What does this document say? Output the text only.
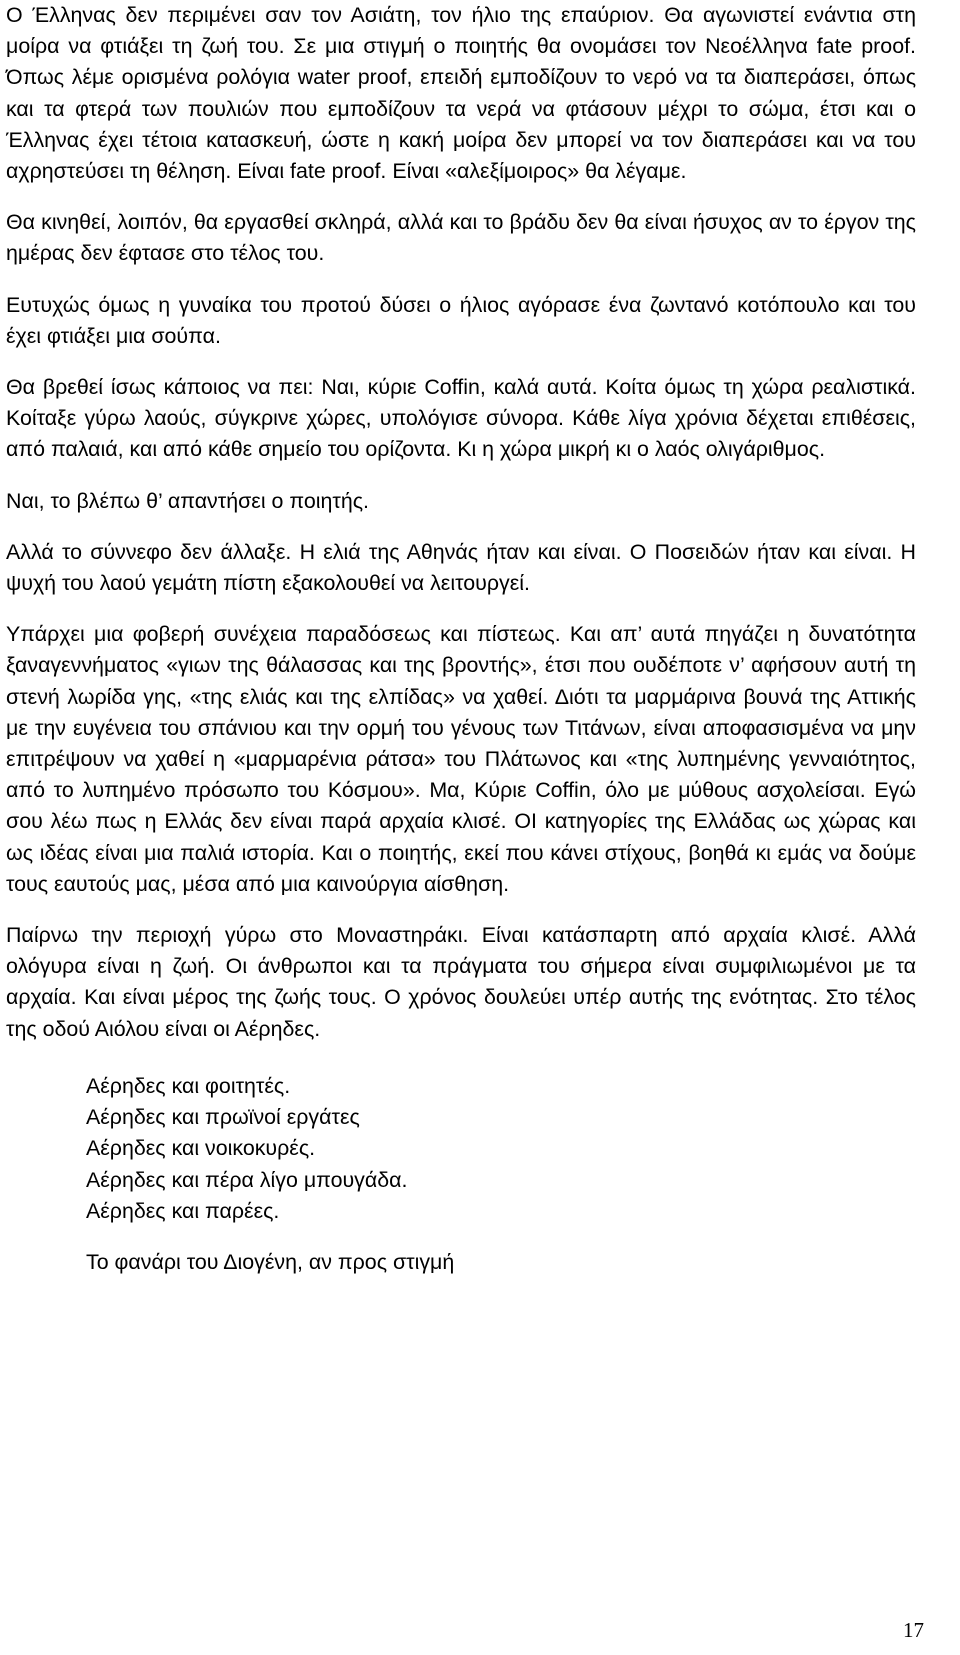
Ο Έλληνας δεν περιμένει σαν τον Ασιάτη, τον ήλιο της επαύριον. Θα αγωνιστεί ενάντια στη μοίρα να φτιάξει τη ζωή του. Σε μια στιγμή ο ποιητής θα ονομάσει τον Νεοέλληνα fate proof. Όπως λέμε ορισμένα ρολόγια water proof, επειδή εμποδίζουν το νερό να τα διαπεράσει, όπως και τα φτερά των πουλιών που εμποδίζουν τα νερά να φτάσουν μέχρι το σώμα, έτσι και ο Έλληνας έχει τέτοια κατασκευή, ώστε η κακή μοίρα δεν μπορεί να τον διαπεράσει και να του αχρηστεύσει τη θέληση. Είναι fate proof. Είναι «αλεξίμοιρος» θα λέγαμε.

Θα κινηθεί, λοιπόν, θα εργασθεί σκληρά, αλλά και το βράδυ δεν θα είναι ήσυχος αν το έργον της ημέρας δεν έφτασε στο τέλος του.

Ευτυχώς όμως η γυναίκα του προτού δύσει ο ήλιος αγόρασε ένα ζωντανό κοτόπουλο και του έχει φτιάξει μια σούπα.

Θα βρεθεί ίσως κάποιος να πει: Ναι, κύριε Coffin, καλά αυτά. Κοίτα όμως τη χώρα ρεαλιστικά. Κοίταξε γύρω λαούς, σύγκρινε χώρες, υπολόγισε σύνορα. Κάθε λίγα χρόνια δέχεται επιθέσεις, από παλαιά, και από κάθε σημείο του ορίζοντα. Κι η χώρα μικρή κι ο λαός ολιγάριθμος.

Ναι, το βλέπω θ’ απαντήσει ο ποιητής.

Αλλά το σύννεφο δεν άλλαξε. Η ελιά της Αθηνάς ήταν και είναι. Ο Ποσειδών ήταν και είναι. Η ψυχή του λαού γεμάτη πίστη εξακολουθεί να λειτουργεί.

Υπάρχει μια φοβερή συνέχεια παραδόσεως και πίστεως. Και απ’ αυτά πηγάζει η δυνατότητα ξαναγεννήματος «γιων της θάλασσας και της βροντής», έτσι που ουδέποτε ν’ αφήσουν αυτή τη στενή λωρίδα γης, «της ελιάς και της ελπίδας» να χαθεί. Διότι τα μαρμάρινα βουνά της Αττικής με την ευγένεια του σπάνιου και την ορμή του γένους των Τιτάνων, είναι αποφασισμένα να μην επιτρέψουν να χαθεί η «μαρμαρένια ράτσα» του Πλάτωνος και «της λυπημένης γενναιότητος, από το λυπημένο πρόσωπο του Κόσμου». Μα, Κύριε Coffin, όλο με μύθους ασχολείσαι. Εγώ σου λέω πως η Ελλάς δεν είναι παρά αρχαία κλισέ. ΟΙ κατηγορίες της Ελλάδας ως χώρας και ως ιδέας είναι μια παλιά ιστορία. Και ο ποιητής, εκεί που κάνει στίχους, βοηθά κι εμάς να δούμε τους εαυτούς μας, μέσα από μια καινούργια αίσθηση.

Παίρνω την περιοχή γύρω στο Μοναστηράκι. Είναι κατάσπαρτη από αρχαία κλισέ. Αλλά ολόγυρα είναι η ζωή. Οι άνθρωποι και τα πράγματα του σήμερα είναι συμφιλιωμένοι με τα αρχαία. Και είναι μέρος της ζωής τους. Ο χρόνος δουλεύει υπέρ αυτής της ενότητας. Στο τέλος της οδού Αιόλου είναι οι Αέρηδες.

Αέρηδες και φοιτητές.

Αέρηδες και πρωϊνοί εργάτες

Αέρηδες και νοικοκυρές.

Αέρηδες και πέρα λίγο μπουγάδα.

Αέρηδες και παρέες.

Το φανάρι του Διογένη, αν προς στιγμή

17
